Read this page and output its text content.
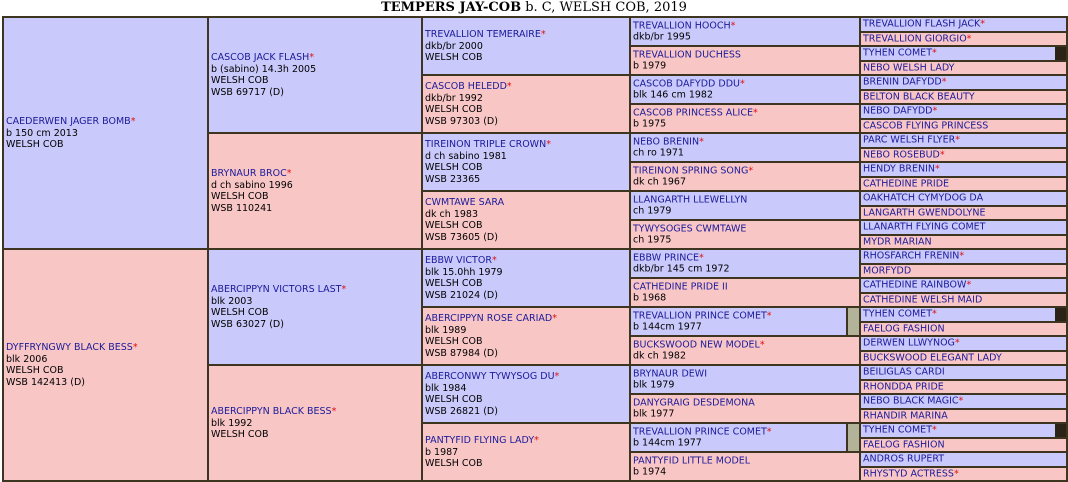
TEMPERS JAY-COB b. C, WELSH COB, 2019
CAEDERWEN JAGER BOMB*
b 150 cm 2013
WELSH COB
DYFFRYNGWY BLACK BESS*
blk 2006
WELSH COB
WSB 142413 (D)
CASCOB JACK FLASH*
b (sabino) 14.3h 2005
WELSH COB
WSB 69717 (D)
BRYNAUR BROC*
d ch sabino 1996
WELSH COB
WSB 110241
ABERCIPPYN VICTORS LAST*
blk 2003
WELSH COB
WSB 63027 (D)
ABERCIPPYN BLACK BESS*
blk 1992
WELSH COB
TREVALLION TEMERAIRE*
dkb/br 2000
WELSH COB
CASCOB HELEDD*
dkb/br 1992
WELSH COB
WSB 97303 (D)
TIREINON TRIPLE CROWN*
d ch sabino 1981
WELSH COB
WSB 23365
CWMTAWE SARA
dk ch 1983
WELSH COB
WSB 73605 (D)
EBBW VICTOR*
blk 15.0hh 1979
WELSH COB
WSB 21024 (D)
ABERCIPPYN ROSE CARIAD*
blk 1989
WELSH COB
WSB 87984 (D)
ABERCONWY TYWYSOG DU*
blk 1984
WELSH COB
WSB 26821 (D)
PANTYFID FLYING LADY*
b 1987
WELSH COB
TREVALLION HOOCH*
dkb/br 1995
TREVALLION DUCHESS
b 1979
CASCOB DAFYDD DDU*
blk 146 cm 1982
CASCOB PRINCESS ALICE*
b 1975
NEBO BRENIN*
ch ro 1971
TIREINON SPRING SONG*
dk ch 1967
LLANGARTH LLEWELLYN
ch 1979
TYWYSOGES CWMTAWE
ch 1975
EBBW PRINCE*
dkb/br 145 cm 1972
CATHEDINE PRIDE II
b 1968
TREVALLION PRINCE COMET*
b 144cm 1977
BUCKSWOOD NEW MODEL*
dk ch 1982
BRYNAUR DEWI
blk 1979
DANYGRAIG DESDEMONA
blk 1977
TREVALLION PRINCE COMET*
b 144cm 1977
PANTYFID LITTLE MODEL
b 1974
TREVALLION FLASH JACK*
TREVALLION GIORGIO*
TYHEN COMET*
NEBO WELSH LADY
BRENIN DAFYDD*
BELTON BLACK BEAUTY
NEBO DAFYDD*
CASCOB FLYING PRINCESS
PARC WELSH FLYER*
NEBO ROSEBUD*
HENDY BRENIN*
CATHEDINE PRIDE
OAKHATCH CYMYDOG DA
LANGARTH GWENDOLYNE
LLANARTH FLYING COMET
MYDR MARIAN
RHOSFARCH FRENIN*
MORFYDD
CATHEDINE RAINBOW*
CATHEDINE WELSH MAID
TYHEN COMET*
FAELOG FASHION
DERWEN LLWYNOG*
BUCKSWOOD ELEGANT LADY
BEILIGLAS CARDI
RHONDDA PRIDE
NEBO BLACK MAGIC*
RHANDIR MARINA
TYHEN COMET*
FAELOG FASHION
ANDROS RUPERT
RHYSTYD ACTRESS*
